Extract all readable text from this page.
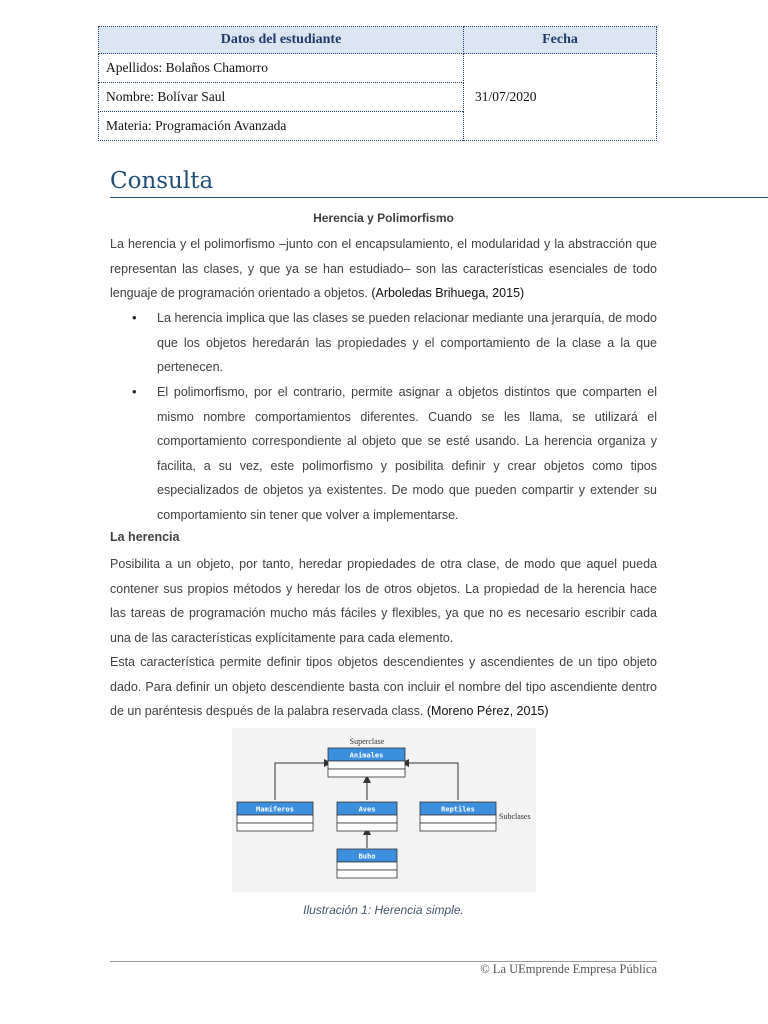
Datos del estudiante	Fecha
Apellidos: Bolaños Chamorro	31/07/2020
Nombre: Bolívar Saul	
Materia: Programación Avanzada	
Consulta
Herencia y Polimorfismo
La herencia y el polimorfismo –junto con el encapsulamiento, el modularidad y la abstracción que representan las clases, y que ya se han estudiado– son las características esenciales de todo lenguaje de programación orientado a objetos. (Arboledas Brihuega, 2015)
• La herencia implica que las clases se pueden relacionar mediante una jerarquía, de modo que los objetos heredarán las propiedades y el comportamiento de la clase a la que pertenecen.
• El polimorfismo, por el contrario, permite asignar a objetos distintos que comparten el mismo nombre comportamientos diferentes. Cuando se les llama, se utilizará el comportamiento correspondiente al objeto que se esté usando. La herencia organiza y facilita, a su vez, este polimorfismo y posibilita definir y crear objetos como tipos especializados de objetos ya existentes. De modo que pueden compartir y extender su comportamiento sin tener que volver a implementarse.
La herencia
Posibilita a un objeto, por tanto, heredar propiedades de otra clase, de modo que aquel pueda contener sus propios métodos y heredar los de otros objetos. La propiedad de la herencia hace las tareas de programación mucho más fáciles y flexibles, ya que no es necesario escribir cada una de las características explícitamente para cada elemento.
Esta característica permite definir tipos objetos descendientes y ascendientes de un tipo objeto dado. Para definir un objeto descendiente basta con incluir el nombre del tipo ascendiente dentro de un paréntesis después de la palabra reservada class. (Moreno Pérez, 2015)
Superclase
Subclases
Animales
Mamíferos	Aves	Reptiles
Buho
Ilustración 1: Herencia simple.
© La UEmprende Empresa Pública
